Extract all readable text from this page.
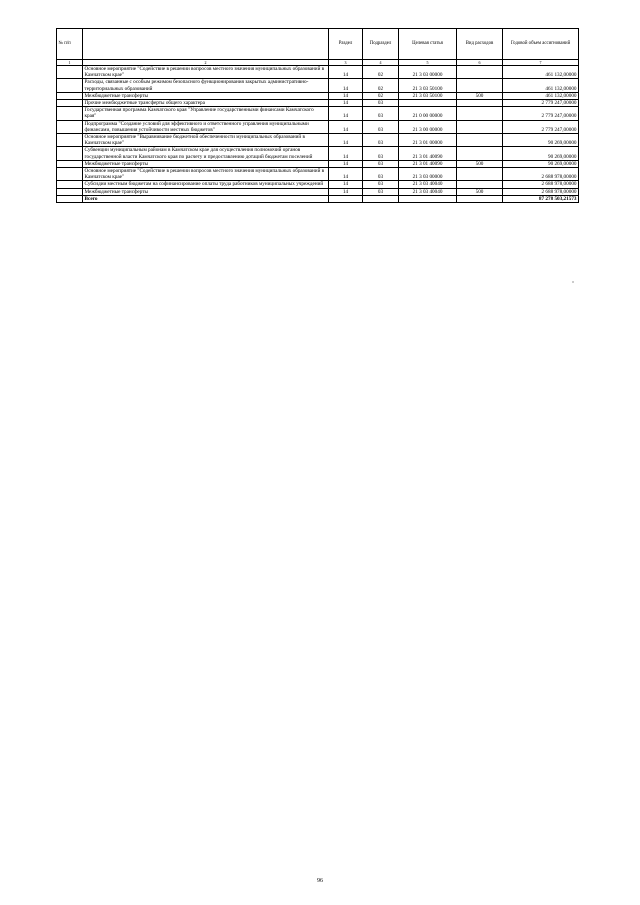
№ п/п		Раздел	Подраздел	Целевая статья	Вид расходов	Годовой объем ассигнований
1	2	3	4	5	6	7
	Основное мероприятие "Содействие в решении вопросов местного значения муниципальных образований в Камчатском крае"	14	02	21 3 03 00000		461 132,00000
	Расходы, связанные с особым режимом безопасного функционирования закрытых административно-территориальных образований	14	02	21 3 03 50100		461 132,00000
	Межбюджетные трансферты	14	02	21 3 03 50100	500	461 132,00000
	Прочие межбюджетные трансферты общего характера	14	03			2 779 247,00000
	Государственная программа Камчатского края "Управление государственными финансами Камчатского края"	14	03	21 0 00 00000		2 779 247,00000
	Подпрограмма "Создание условий для эффективного и ответственного управления муниципальными финансами, повышения устойчивости местных бюджетов"	14	03	21 3 00 00000		2 779 247,00000
	Основное мероприятие "Выравнивание бюджетной обеспеченности муниципальных образований в Камчатском крае"	14	03	21 3 01 00000		90 269,00000
	Субвенции муниципальным районам в Камчатском крае для осуществления полномочий органов государственной власти Камчатского края по расчету и предоставлению дотаций бюджетам поселений	14	03	21 3 01 40090		90 269,00000
	Межбюджетные трансферты	14	03	21 3 01 40090	500	90 269,00000
	Основное мероприятие "Содействие в решении вопросов местного значения муниципальных образований в Камчатском крае"	14	03	21 3 03 00000		2 688 978,00000
	Субсидии местным бюджетам на софинансирование оплаты труда работников муниципальных учреждений	14	03	21 3 03 40040		2 688 978,00000
	Межбюджетные трансферты	14	03	21 3 03 40040	500	2 688 978,00000
	Всего					87 278 503,21573
"
96
